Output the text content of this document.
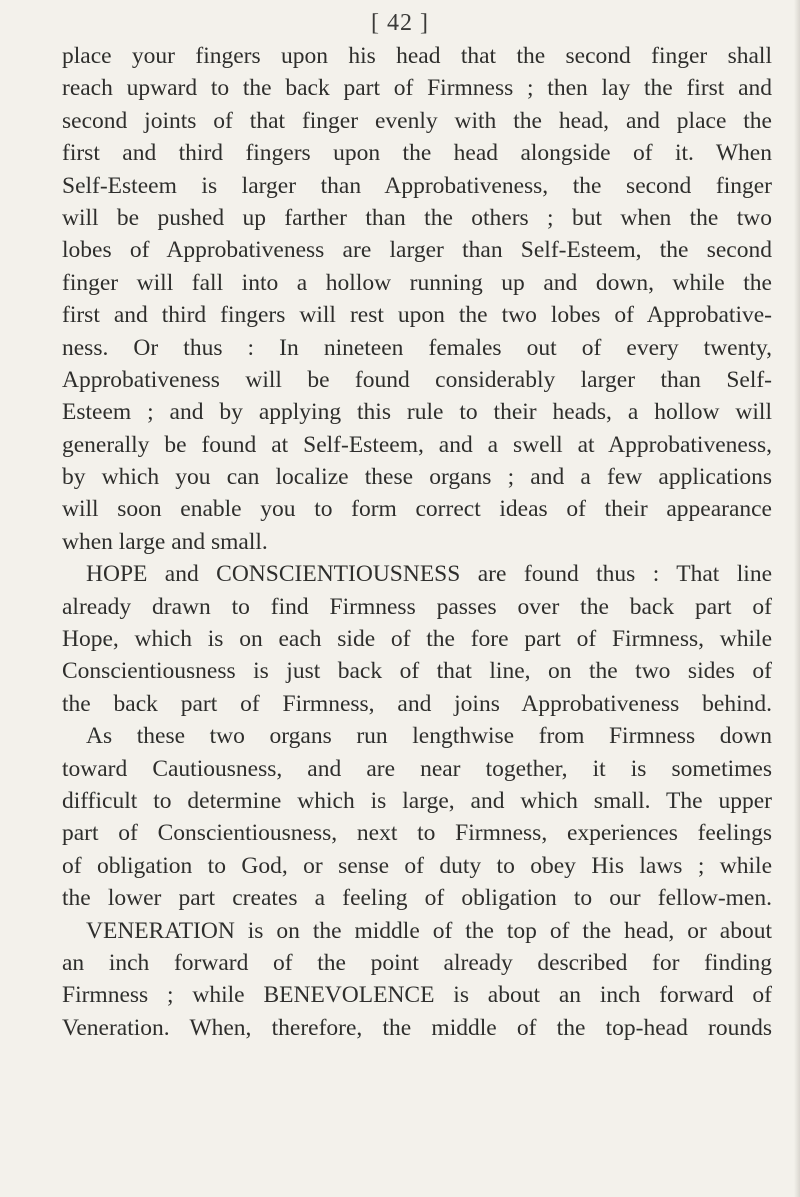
[ 42 ]
place your fingers upon his head that the second finger shall
reach upward to the back part of Firmness ; then lay the first and
second joints of that finger evenly with the head, and place the
first and third fingers upon the head alongside of it. When
Self-Esteem is larger than Approbativeness, the second finger
will be pushed up farther than the others ; but when the two
lobes of Approbativeness are larger than Self-Esteem, the second
finger will fall into a hollow running up and down, while the
first and third fingers will rest upon the two lobes of Approbative-
ness. Or thus : In nineteen females out of every twenty,
Approbativeness will be found considerably larger than Self-
Esteem ; and by applying this rule to their heads, a hollow will
generally be found at Self-Esteem, and a swell at Approbativeness,
by which you can localize these organs ; and a few applications
will soon enable you to form correct ideas of their appearance
when large and small.
HOPE and CONSCIENTIOUSNESS are found thus : That line
already drawn to find Firmness passes over the back part of
Hope, which is on each side of the fore part of Firmness, while
Conscientiousness is just back of that line, on the two sides of
the back part of Firmness, and joins Approbativeness behind.
As these two organs run lengthwise from Firmness down
toward Cautiousness, and are near together, it is sometimes
difficult to determine which is large, and which small. The upper
part of Conscientiousness, next to Firmness, experiences feelings
of obligation to God, or sense of duty to obey His laws ; while
the lower part creates a feeling of obligation to our fellow-men.
VENERATION is on the middle of the top of the head, or about
an inch forward of the point already described for finding
Firmness ; while BENEVOLENCE is about an inch forward of
Veneration. When, therefore, the middle of the top-head rounds
